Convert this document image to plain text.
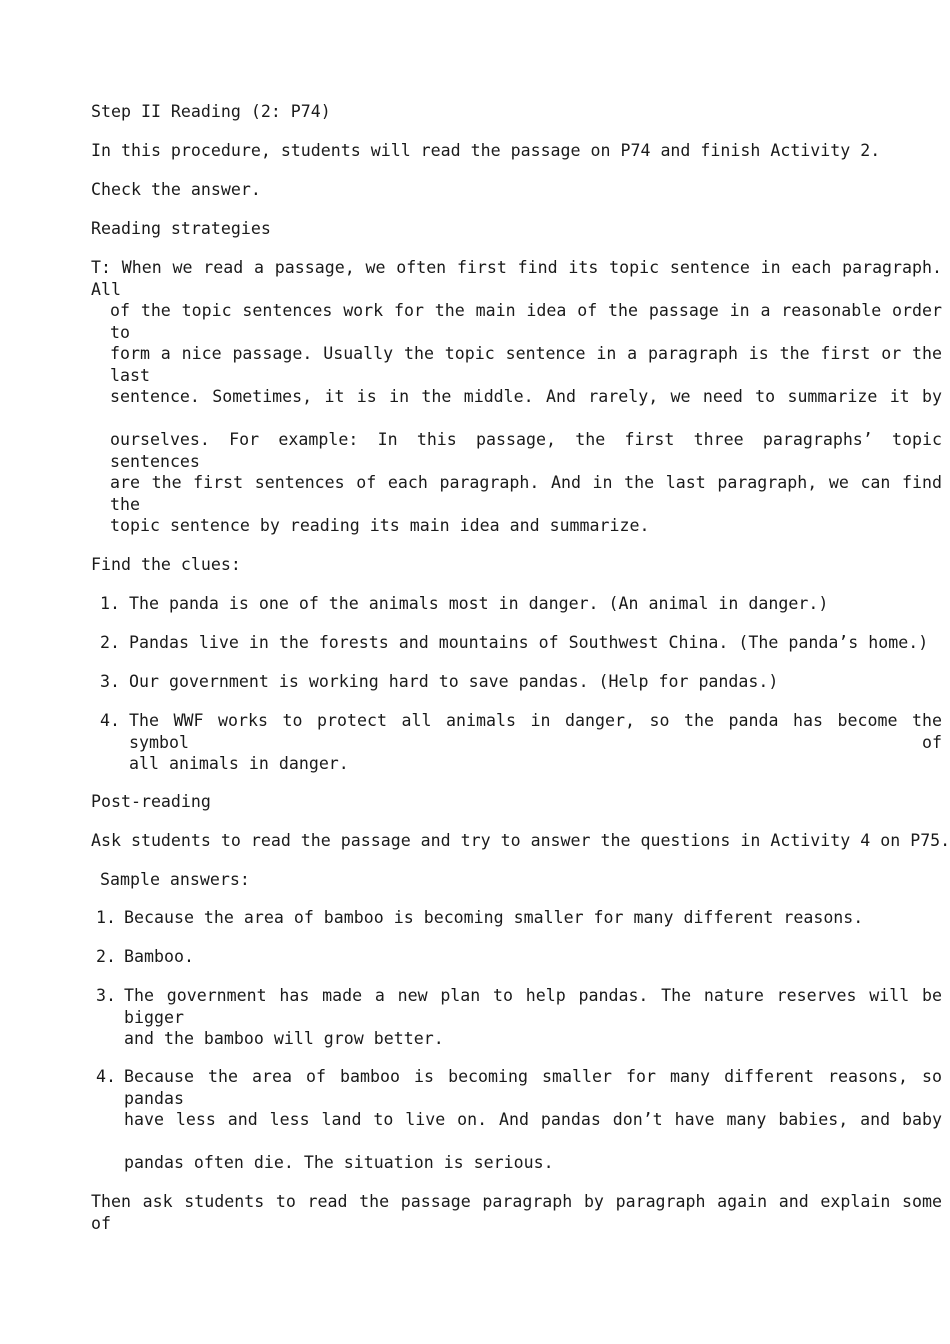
Step II Reading (2: P74)
In this procedure, students will read the passage on P74 and finish Activity 2.
Check the answer.
Reading strategies
T: When we read a passage, we often first find its topic sentence in each paragraph. All
of the topic sentences work for the main idea of the passage in a reasonable order to
form a nice passage. Usually the topic sentence in a paragraph is the first or the last
sentence. Sometimes, it is in the middle. And rarely, we need to summarize it by
ourselves. For example: In this passage, the first three paragraphs’ topic sentences
are the first sentences of each paragraph. And in the last paragraph, we can find the
topic sentence by reading its main idea and summarize.
Find the clues:
1. The panda is one of the animals most in danger. (An animal in danger.)
2. Pandas live in the forests and mountains of Southwest China. (The panda’s home.)
3. Our government is working hard to save pandas. (Help for pandas.)
4. The WWF works to protect all animals in danger, so the panda has become the symbol of
all animals in danger.
Post-reading
Ask students to read the passage and try to answer the questions in Activity 4 on P75.
Sample answers:
1. Because the area of bamboo is becoming smaller for many different reasons.
2. Bamboo.
3. The government has made a new plan to help pandas. The nature reserves will be bigger
and the bamboo will grow better.
4. Because the area of bamboo is becoming smaller for many different reasons, so pandas
have less and less land to live on. And pandas don’t have many babies, and baby
pandas often die. The situation is serious.
Then ask students to read the passage paragraph by paragraph again and explain some of
